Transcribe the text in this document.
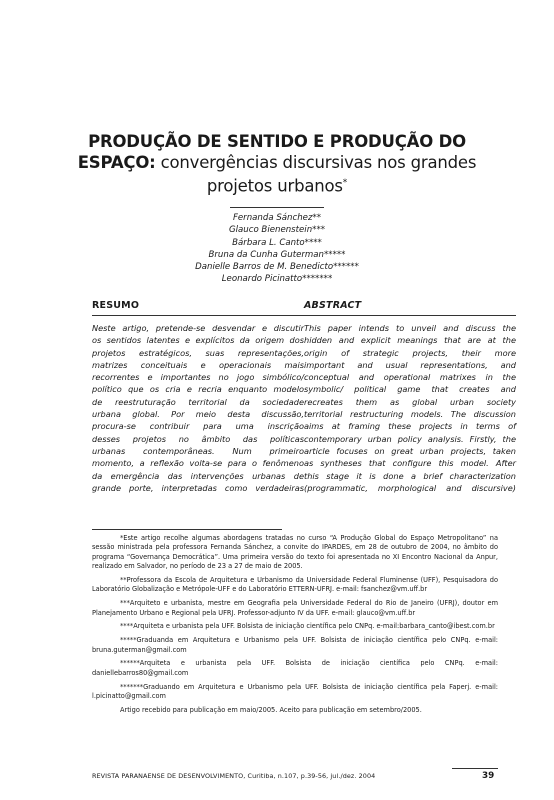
PRODUÇÃO DE SENTIDO E PRODUÇÃO DO
ESPAÇO: convergências discursivas nos grandes
projetos urbanos*
Fernanda Sánchez**
Glauco Bienenstein***
Bárbara L. Canto****
Bruna da Cunha Guterman*****
Danielle Barros de M. Benedicto******
Leonardo Picinatto*******
RESUMO
Neste artigo, pretende-se desvendar e discutir
os sentidos latentes e explícitos da origem dos
projetos estratégicos, suas representações,
matrizes conceituais e operacionais mais
recorrentes e importantes no jogo simbólico/
político que os cria e recria enquanto modelo
de reestruturação territorial da sociedade
urbana global. Por meio desta discussão,
procura-se contribuir para uma inscrição
desses projetos no âmbito das políticas
urbanas contemporâneas. Num primeiro
momento, a reflexão volta-se para o fenômeno
da emergência das intervenções urbanas de
grande porte, interpretadas como verdadeiras
ABSTRACT
This paper intends to unveil and discuss the
hidden and explicit meanings that are at the
origin of strategic projects, their more
important and usual representations, and
conceptual and operational matrixes in the
symbolic/ political game that creates and
recreates them as global urban society
territorial restructuring models. The discussion
aims at framing these projects in terms of
contemporary urban policy analysis. Firstly, the
article focuses on great urban projects, taken
as syntheses that configure this model. After
this stage it is done a brief characterization
(programmatic, morphological and discursive)

*Este artigo recolhe algumas abordagens tratadas no curso “A Produção Global do Espaço Metropolitano” na sessão ministrada pela professora Fernanda Sánchez, a convite do IPARDES, em 28 de outubro de 2004, no âmbito do programa “Governança Democrática”. Uma primeira versão do texto foi apresentada no XI Encontro Nacional da Anpur, realizado em Salvador, no período de 23 a 27 de maio de 2005.

**Professora da Escola de Arquitetura e Urbanismo da Universidade Federal Fluminense (UFF), Pesquisadora do Laboratório Globalização e Metrópole-UFF e do Laboratório ETTERN-UFRJ. e-mail: fsanchez@vm.uff.br

***Arquiteto e urbanista, mestre em Geografia pela Universidade Federal do Rio de Janeiro (UFRJ), doutor em Planejamento Urbano e Regional pela UFRJ. Professor-adjunto IV da UFF. e-mail: glauco@vm.uff.br

****Arquiteta e urbanista pela UFF. Bolsista de iniciação científica pelo CNPq. e-mail:barbara_canto@ibest.com.br

*****Graduanda em Arquitetura e Urbanismo pela UFF. Bolsista de iniciação científica pelo CNPq. e-mail: bruna.guterman@gmail.com

******Arquiteta e urbanista pela UFF. Bolsista de iniciação científica pelo CNPq. e-mail: daniellebarros80@gmail.com

*******Graduando em Arquitetura e Urbanismo pela UFF. Bolsista de iniciação científica pela Faperj. e-mail: l.picinatto@gmail.com

Artigo recebido para publicação em maio/2005. Aceito para publicação em setembro/2005.

REVISTA PARANAENSE DE DESENVOLVIMENTO, Curitiba, n.107, p.39-56, jul./dez. 2004	39
